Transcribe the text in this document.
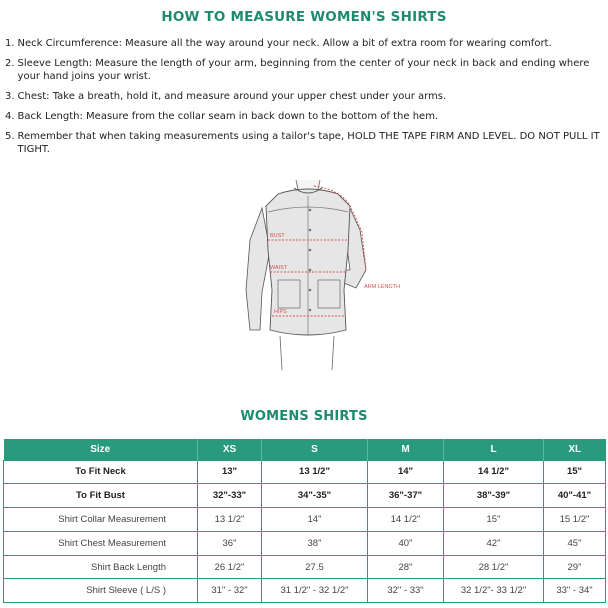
HOW TO MEASURE WOMEN'S SHIRTS
1. Neck Circumference: Measure all the way around your neck. Allow a bit of extra room for wearing comfort.
2. Sleeve Length: Measure the length of your arm, beginning from the center of your neck in back and ending where your hand joins your wrist.
3. Chest: Take a breath, hold it, and measure around your upper chest under your arms.
4. Back Length: Measure from the collar seam in back down to the bottom of the hem.
5. Remember that when taking measurements using a tailor's tape, HOLD THE TAPE FIRM AND LEVEL. DO NOT PULL IT TIGHT.
BUST
WAIST
HIPS
ARM LENGTH
WOMENS SHIRTS
Size	XS	S	M	L	XL
To Fit Neck	13"	13 1/2"	14"	14 1/2"	15"
To Fit Bust	32"-33"	34"-35"	36"-37"	38"-39"	40"-41"
Shirt Collar Measurement	13 1/2"	14"	14 1/2"	15"	15 1/2"
Shirt Chest Measurement	36"	38"	40"	42"	45"
Shirt Back Length	26 1/2"	27.5	28"	28 1/2"	29"
Shirt Sleeve ( L/S )	31" - 32"	31 1/2" - 32 1/2"	32" - 33"	32 1/2"- 33 1/2"	33" - 34"
